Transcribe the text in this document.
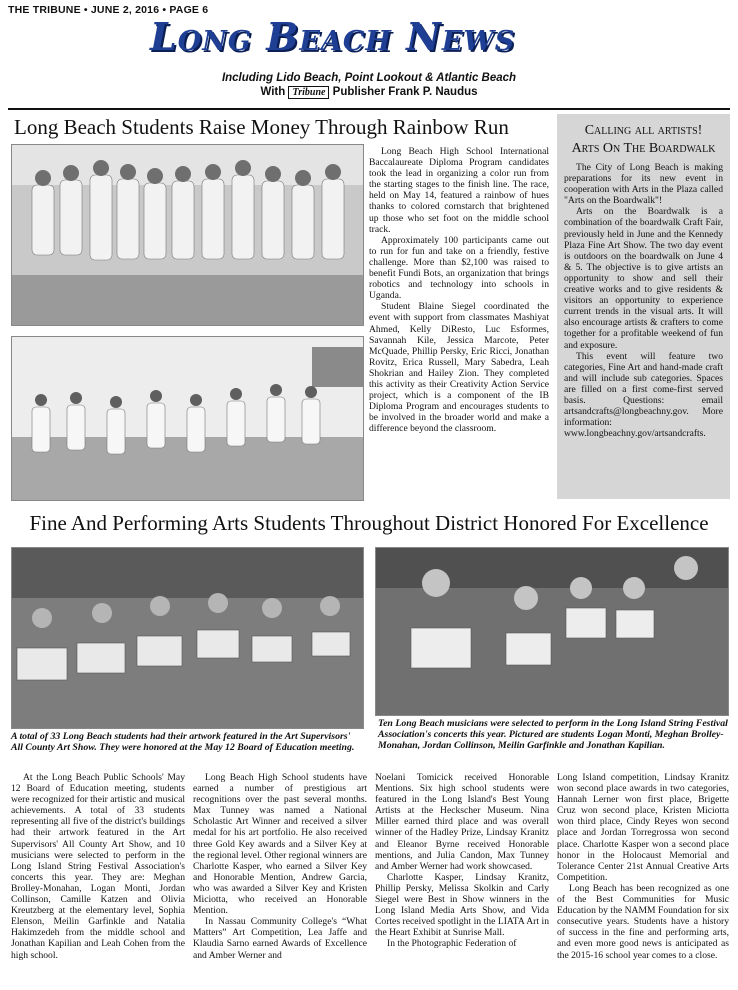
THE TRIBUNE • JUNE 2, 2016 • PAGE 6
Long Beach News
Including Lido Beach, Point Lookout & Atlantic Beach
With Tribune Publisher Frank P. Naudus
Long Beach Students Raise Money Through Rainbow Run

Long Beach High School International Baccalaureate Diploma Program candidates took the lead in organizing a color run from the starting stages to the finish line. The race, held on May 14, featured a rainbow of hues thanks to colored cornstarch that brightened up those who set foot on the middle school track.

Approximately 100 participants came out to run for fun and take on a friendly, festive challenge. More than $2,100 was raised to benefit Fundi Bots, an organization that brings robotics and technology into schools in Uganda.

Student Blaine Siegel coordinated the event with support from classmates Mashiyat Ahmed, Kelly DiResto, Luc Esformes, Savannah Kile, Jessica Marcote, Peter McQuade, Phillip Persky, Eric Ricci, Jonathan Rovitz, Erica Russell, Mary Sabedra, Leah Shokrian and Hailey Zion. They completed this activity as their Creativity Action Service project, which is a component of the IB Diploma Program and encourages students to be involved in the broader world and make a difference beyond the classroom.

Calling all artists!
Arts On The Boardwalk

The City of Long Beach is making preparations for its new event in cooperation with Arts in the Plaza called "Arts on the Boardwalk"!

Arts on the Boardwalk is a combination of the boardwalk Craft Fair, previously held in June and the Kennedy Plaza Fine Art Show. The two day event is outdoors on the boardwalk on June 4 & 5. The objective is to give artists an opportunity to show and sell their creative works and to give residents & visitors an opportunity to experience current trends in the visual arts. It will also encourage artists & crafters to come together for a profitable weekend of fun and exposure.

This event will feature two categories, Fine Art and hand-made craft and will include sub categories. Spaces are filled on a first come-first served basis. Questions: email artsandcrafts@longbeachny.gov. More information: www.longbeachny.gov/artsandcrafts.

Fine And Performing Arts Students Throughout District Honored For Excellence
A total of 33 Long Beach students had their artwork featured in the Art Supervisors' All County Art Show. They were honored at the May 12 Board of Education meeting.
Ten Long Beach musicians were selected to perform in the Long Island String Festival Association's concerts this year. Pictured are students Logan Monti, Meghan Brolley-Monahan, Jordan Collinson, Meilin Garfinkle and Jonathan Kapilian.

At the Long Beach Public Schools' May 12 Board of Education meeting, students were recognized for their artistic and musical achievements. A total of 33 students representing all five of the district's buildings had their artwork featured in the Art Supervisors' All County Art Show, and 10 musicians were selected to perform in the Long Island String Festival Association's concerts this year. They are: Meghan Brolley-Monahan, Logan Monti, Jordan Collinson, Camille Katzen and Olivia Kreutzberg at the elementary level, Sophia Elenson, Meilin Garfinkle and Natalia Hakimzedeh from the middle school and Jonathan Kapilian and Leah Cohen from the high school.

Long Beach High School students have earned a number of prestigious art recognitions over the past several months. Max Tunney was named a National Scholastic Art Winner and received a silver medal for his art portfolio. He also received three Gold Key awards and a Silver Key at the regional level. Other regional winners are Charlotte Kasper, who earned a Silver Key and Honorable Mention, Andrew Garcia, who was awarded a Silver Key and Kristen Miciotta, who received an Honorable Mention.

In Nassau Community College's “What Matters” Art Competition, Lea Jaffe and Klaudia Sarno earned Awards of Excellence and Amber Werner and

Noelani Tomicick received Honorable Mentions. Six high school students were featured in the Long Island's Best Young Artists at the Heckscher Museum. Nina Miller earned third place and was overall winner of the Hadley Prize, Lindsay Kranitz and Eleanor Byrne received Honorable mentions, and Julia Candon, Max Tunney and Amber Werner had work showcased.

Charlotte Kasper, Lindsay Kranitz, Phillip Persky, Melissa Skolkin and Carly Siegel were Best in Show winners in the Long Island Media Arts Show, and Vida Cortes received spotlight in the LIATA Art in the Heart Exhibit at Sunrise Mall.

In the Photographic Federation of

Long Island competition, Lindsay Kranitz won second place awards in two categories, Hannah Lerner won first place, Brigette Cruz won second place, Kristen Miciotta won third place, Cindy Reyes won second place and Jordan Torregrossa won second place. Charlotte Kasper won a second place honor in the Holocaust Memorial and Tolerance Center 21st Annual Creative Arts Competition.

Long Beach has been recognized as one of the Best Communities for Music Education by the NAMM Foundation for six consecutive years. Students have a history of success in the fine and performing arts, and even more good news is anticipated as the 2015-16 school year comes to a close.
